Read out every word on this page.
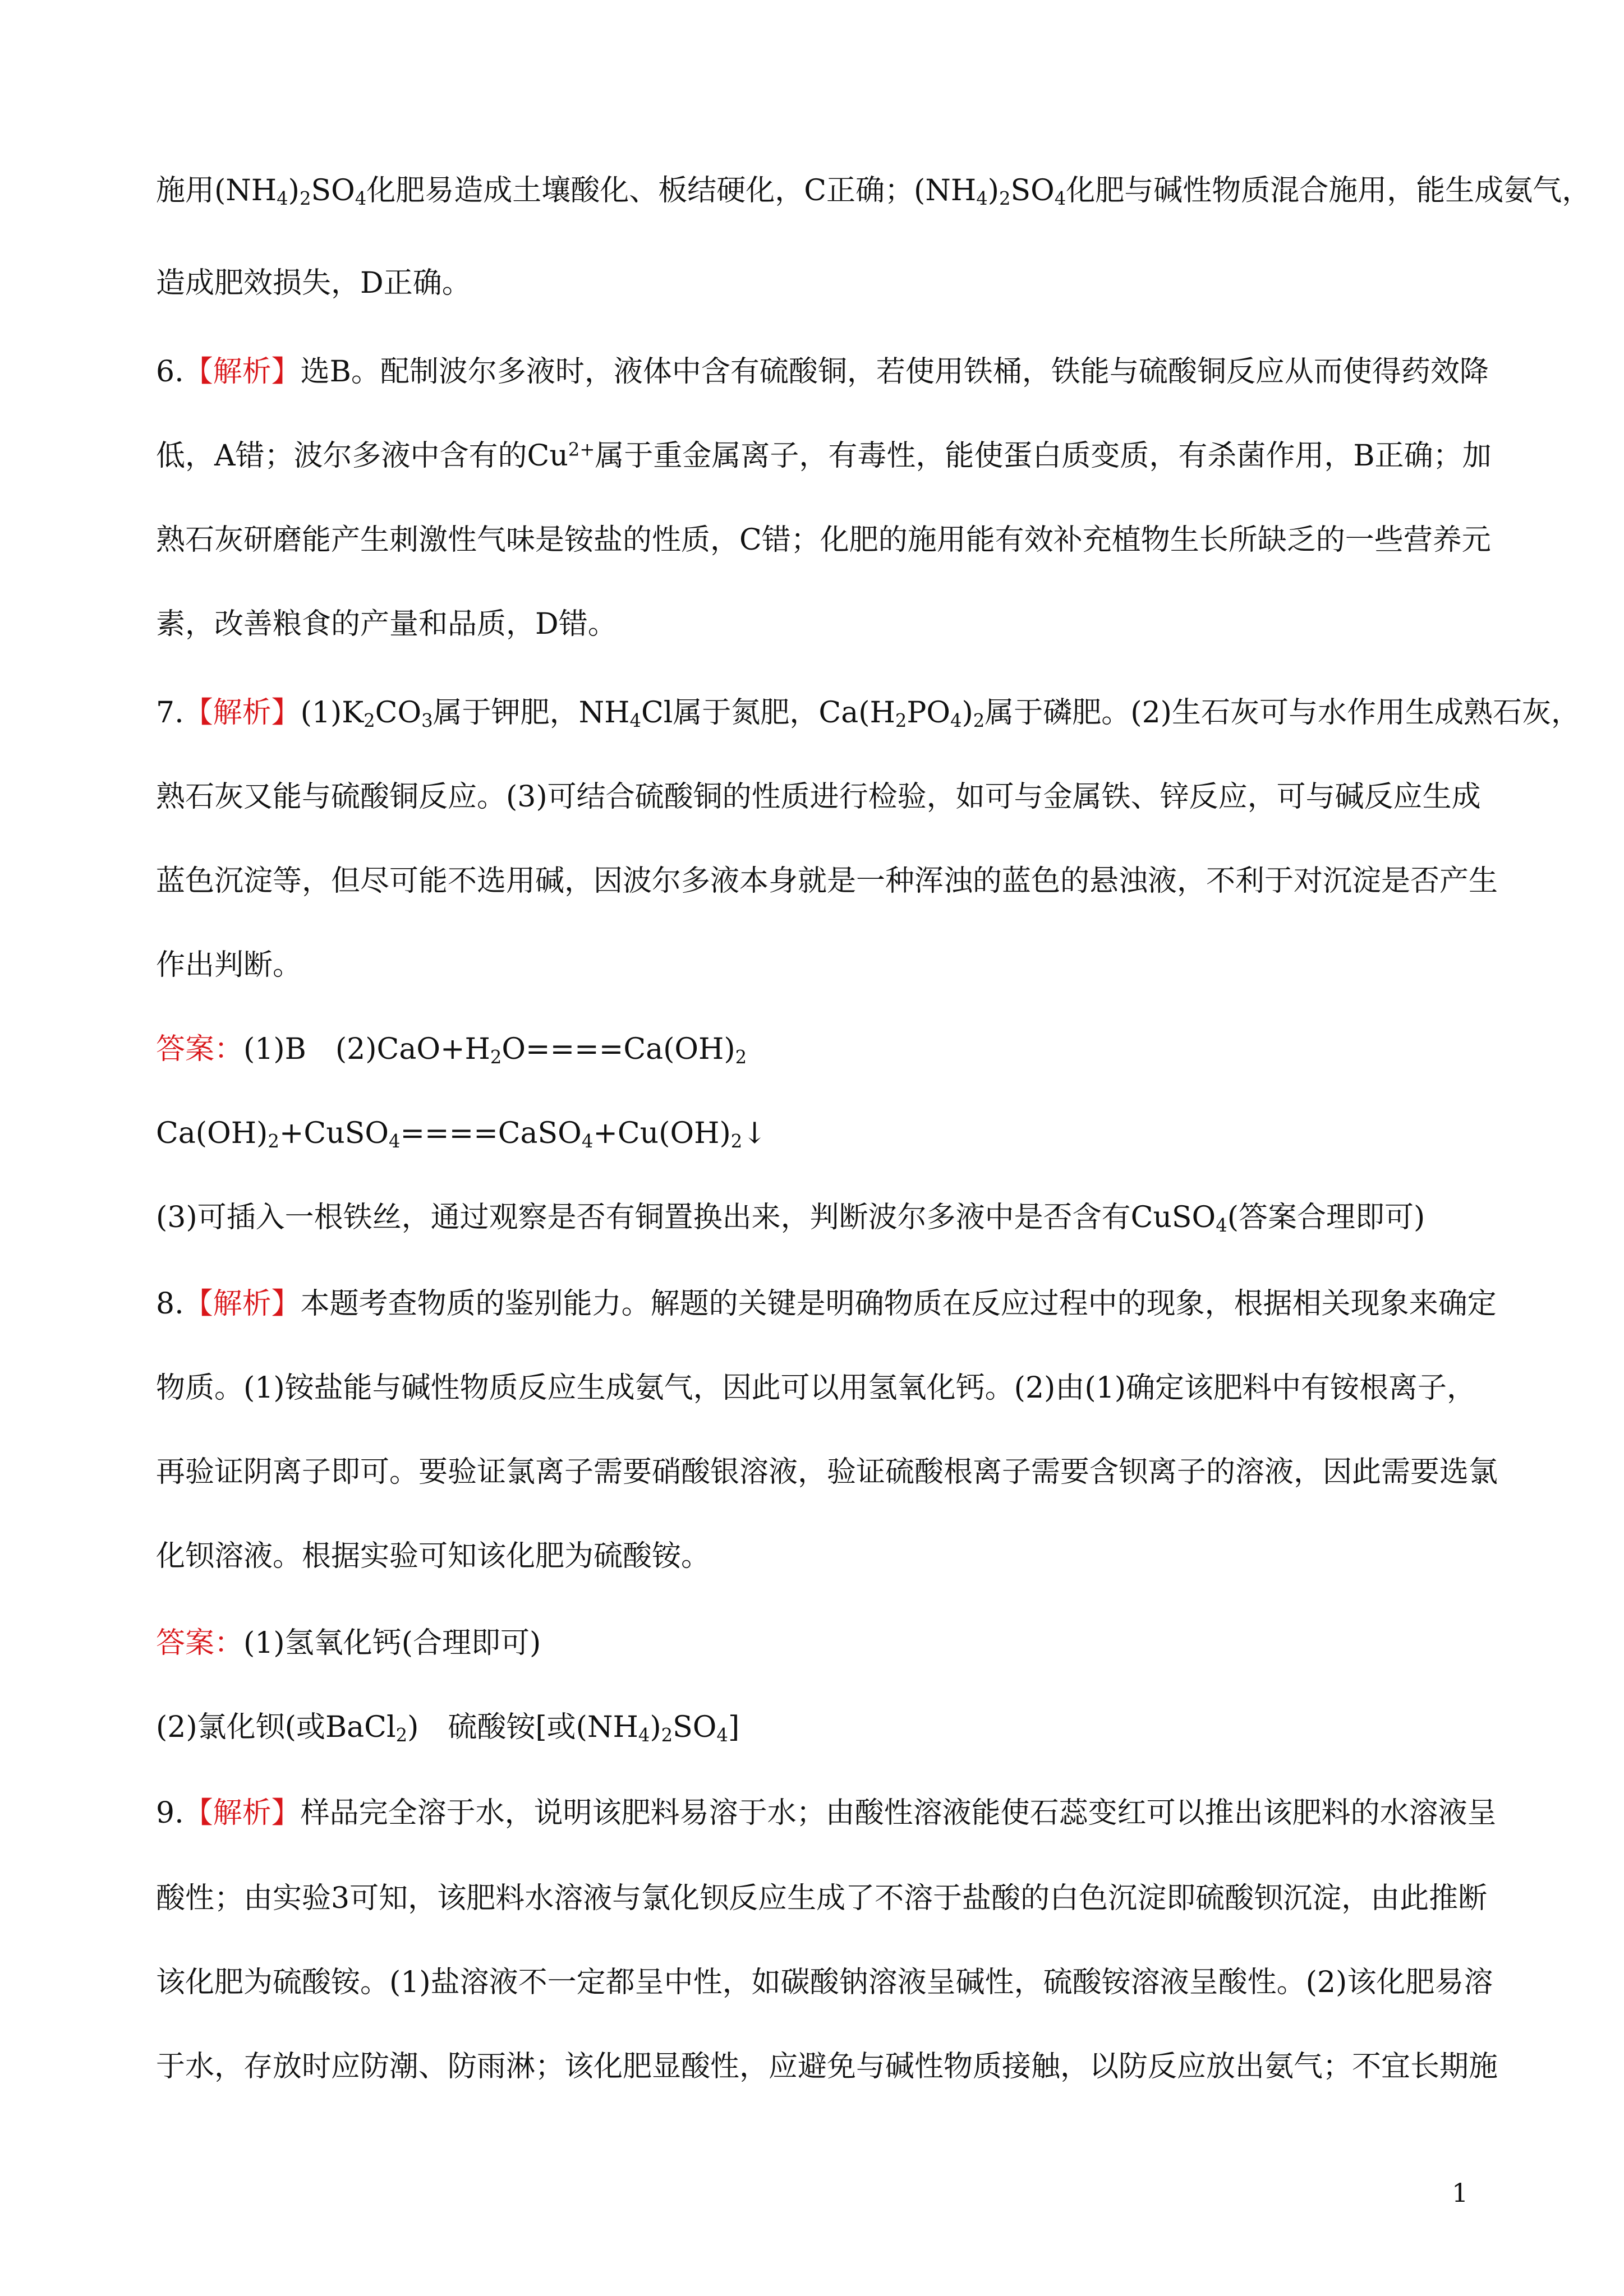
施用$(NH_4)_2SO_4$化肥易造成土壤酸化、板结硬化，C正确；$(NH_4)_2SO_4$化肥与碱性物质混合施用，能生成氨气，
造成肥效损失，D正确。
6.【解析】选B。配制波尔多液时，液体中含有硫酸铜，若使用铁桶，铁能与硫酸铜反应从而使得药效降
低，A错；波尔多液中含有的$Cu^{2+}$属于重金属离子，有毒性，能使蛋白质变质，有杀菌作用，B正确；加
熟石灰研磨能产生刺激性气味是铵盐的性质，C错；化肥的施用能有效补充植物生长所缺乏的一些营养元
素，改善粮食的产量和品质，D错。
7.【解析】$(1)K_2CO_3$属于钾肥，$NH_4Cl$属于氮肥，$Ca(H_2PO_4)_2$属于磷肥。(2)生石灰可与水作用生成熟石灰，
熟石灰又能与硫酸铜反应。(3)可结合硫酸铜的性质进行检验，如可与金属铁、锌反应，可与碱反应生成
蓝色沉淀等，但尽可能不选用碱，因波尔多液本身就是一种浑浊的蓝色的悬浊液，不利于对沉淀是否产生
作出判断。
答案：(1)B　$(2)CaO+H_2O====Ca(OH)_2$
$Ca(OH)_2+CuSO_4====CaSO_4+Cu(OH)_2↓$
(3)可插入一根铁丝，通过观察是否有铜置换出来，判断波尔多液中是否含有CuSO$_4$(答案合理即可)
8.【解析】本题考查物质的鉴别能力。解题的关键是明确物质在反应过程中的现象，根据相关现象来确定
物质。(1)铵盐能与碱性物质反应生成氨气，因此可以用氢氧化钙。(2)由(1)确定该肥料中有铵根离子，
再验证阴离子即可。要验证氯离子需要硝酸银溶液，验证硫酸根离子需要含钡离子的溶液，因此需要选氯
化钡溶液。根据实验可知该化肥为硫酸铵。
答案：(1)氢氧化钙(合理即可)
(2)氯化钡(或BaCl$_2$)　硫酸铵[或$(NH_4)_2SO_4$]
9.【解析】样品完全溶于水，说明该肥料易溶于水；由酸性溶液能使石蕊变红可以推出该肥料的水溶液呈
酸性；由实验3可知，该肥料水溶液与氯化钡反应生成了不溶于盐酸的白色沉淀即硫酸钡沉淀，由此推断
该化肥为硫酸铵。(1)盐溶液不一定都呈中性，如碳酸钠溶液呈碱性，硫酸铵溶液呈酸性。(2)该化肥易溶
于水，存放时应防潮、防雨淋；该化肥显酸性，应避免与碱性物质接触，以防反应放出氨气；不宜长期施
1
